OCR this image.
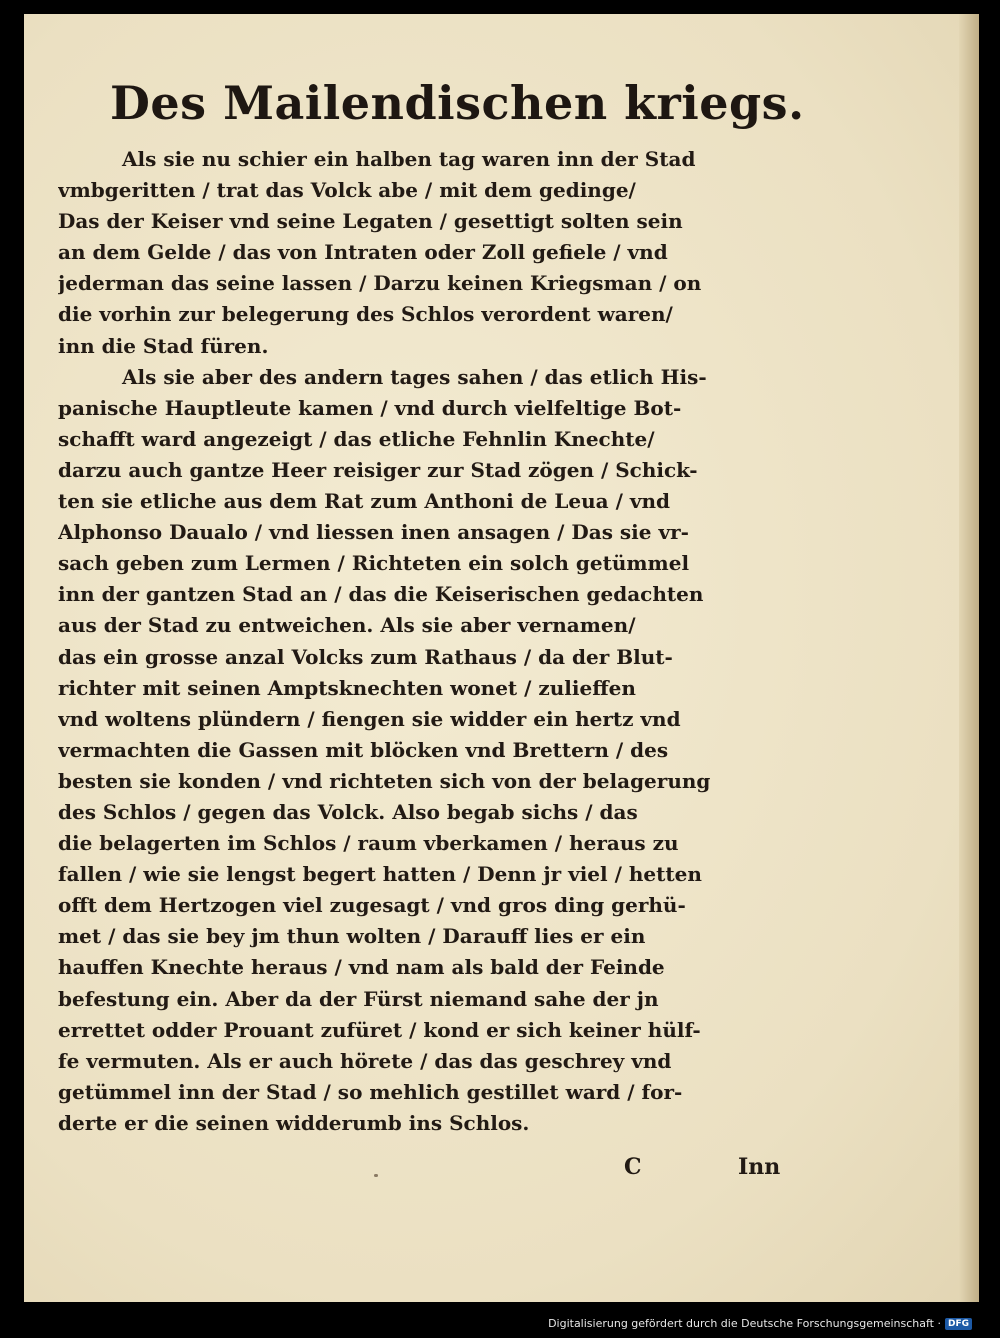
Des Mailendischen kriegs.
Als sie nu schier ein halben tag waren inn der Stad
vmbgeritten / trat das Volck abe / mit dem gedinge/
Das der Keiser vnd seine Legaten / gesettigt solten sein
an dem Gelde / das von Intraten oder Zoll gefiele / vnd
jederman das seine lassen / Darzu keinen Kriegsman / on
die vorhin zur belegerung des Schlos verordent waren/
inn die Stad füren.
Als sie aber des andern tages sahen / das etlich His-
panische Hauptleute kamen / vnd durch vielfeltige Bot-
schafft ward angezeigt / das etliche Fehnlin Knechte/
darzu auch gantze Heer reisiger zur Stad zögen / Schick-
ten sie etliche aus dem Rat zum Anthoni de Leua / vnd
Alphonso Daualo / vnd liessen inen ansagen / Das sie vr-
sach geben zum Lermen / Richteten ein solch getümmel
inn der gantzen Stad an / das die Keiserischen gedachten
aus der Stad zu entweichen. Als sie aber vernamen/
das ein grosse anzal Volcks zum Rathaus / da der Blut-
richter mit seinen Amptsknechten wonet / zulieffen
vnd woltens plündern / fiengen sie widder ein hertz vnd
vermachten die Gassen mit blöcken vnd Brettern / des
besten sie konden / vnd richteten sich von der belagerung
des Schlos / gegen das Volck. Also begab sichs / das
die belagerten im Schlos / raum vberkamen / heraus zu
fallen / wie sie lengst begert hatten / Denn jr viel / hetten
offt dem Hertzogen viel zugesagt / vnd gros ding gerhü-
met / das sie bey jm thun wolten / Darauff lies er ein
hauffen Knechte heraus / vnd nam als bald der Feinde
befestung ein. Aber da der Fürst niemand sahe der jn
errettet odder Prouant zufüret / kond er sich keiner hülf-
fe vermuten. Als er auch hörete / das das geschrey vnd
getümmel inn der Stad / so mehlich gestillet ward / for-
derte er die seinen widderumb ins Schlos.
C	Inn
Digitalisierung gefördert durch die Deutsche Forschungsgemeinschaft · DFG
